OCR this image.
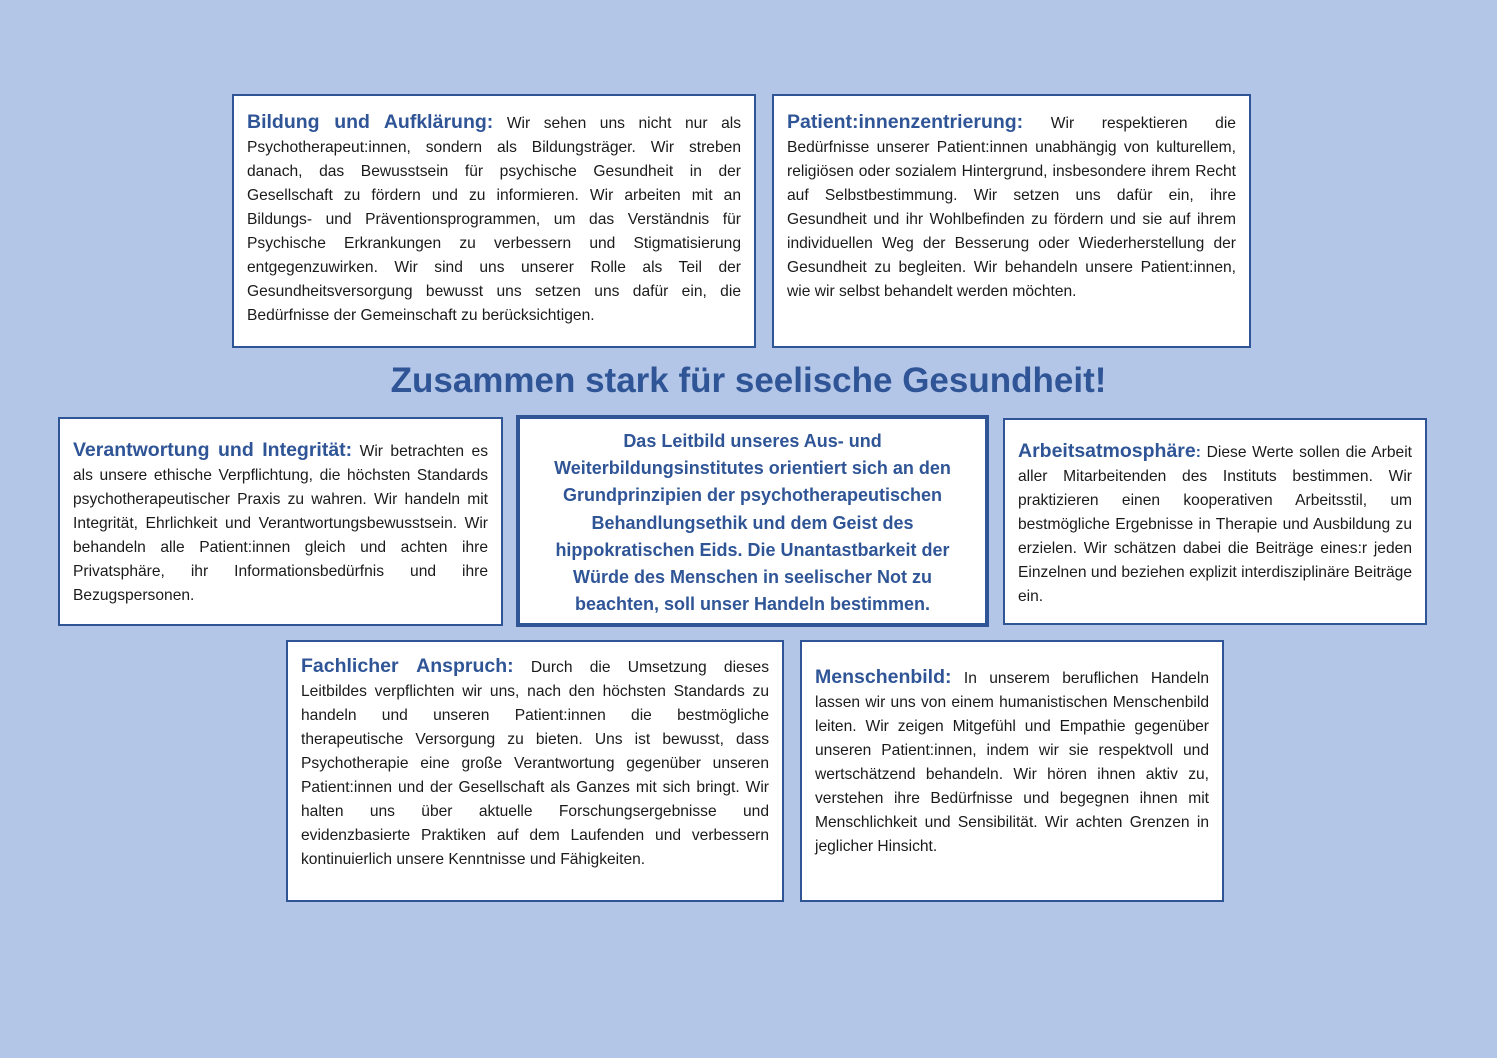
Bildung und Aufklärung: Wir sehen uns nicht nur als Psychotherapeut:innen, sondern als Bildungsträger. Wir streben danach, das Bewusstsein für psychische Gesundheit in der Gesellschaft zu fördern und zu informieren. Wir arbeiten mit an Bildungs- und Präventionsprogrammen, um das Verständnis für Psychische Erkrankungen zu verbessern und Stigmatisierung entgegenzuwirken. Wir sind uns unserer Rolle als Teil der Gesundheitsversorgung bewusst uns setzen uns dafür ein, die Bedürfnisse der Gemeinschaft zu berücksichtigen.
Patient:innenzentrierung: Wir respektieren die Bedürfnisse unserer Patient:innen unabhängig von kulturellem, religiösen oder sozialem Hintergrund, insbesondere ihrem Recht auf Selbstbestimmung. Wir setzen uns dafür ein, ihre Gesundheit und ihr Wohlbefinden zu fördern und sie auf ihrem individuellen Weg der Besserung oder Wiederherstellung der Gesundheit zu begleiten. Wir behandeln unsere Patient:innen, wie wir selbst behandelt werden möchten.
Zusammen stark für seelische Gesundheit!
Verantwortung und Integrität: Wir betrachten es als unsere ethische Verpflichtung, die höchsten Standards psychotherapeutischer Praxis zu wahren. Wir handeln mit Integrität, Ehrlichkeit und Verantwortungsbewusstsein. Wir behandeln alle Patient:innen gleich und achten ihre Privatsphäre, ihr Informationsbedürfnis und ihre Bezugspersonen.
Das Leitbild unseres Aus- und Weiterbildungsinstitutes orientiert sich an den Grundprinzipien der psychotherapeutischen Behandlungsethik und dem Geist des hippokratischen Eids. Die Unantastbarkeit der Würde des Menschen in seelischer Not zu beachten, soll unser Handeln bestimmen.
Arbeitsatmosphäre: Diese Werte sollen die Arbeit aller Mitarbeitenden des Instituts bestimmen. Wir praktizieren einen kooperativen Arbeitsstil, um bestmögliche Ergebnisse in Therapie und Ausbildung zu erzielen. Wir schätzen dabei die Beiträge eines:r jeden Einzelnen und beziehen explizit interdisziplinäre Beiträge ein.
Fachlicher Anspruch: Durch die Umsetzung dieses Leitbildes verpflichten wir uns, nach den höchsten Standards zu handeln und unseren Patient:innen die bestmögliche therapeutische Versorgung zu bieten. Uns ist bewusst, dass Psychotherapie eine große Verantwortung gegenüber unseren Patient:innen und der Gesellschaft als Ganzes mit sich bringt. Wir halten uns über aktuelle Forschungsergebnisse und evidenzbasierte Praktiken auf dem Laufenden und verbessern kontinuierlich unsere Kenntnisse und Fähigkeiten.
Menschenbild: In unserem beruflichen Handeln lassen wir uns von einem humanistischen Menschenbild leiten. Wir zeigen Mitgefühl und Empathie gegenüber unseren Patient:innen, indem wir sie respektvoll und wertschätzend behandeln. Wir hören ihnen aktiv zu, verstehen ihre Bedürfnisse und begegnen ihnen mit Menschlichkeit und Sensibilität. Wir achten Grenzen in jeglicher Hinsicht.
